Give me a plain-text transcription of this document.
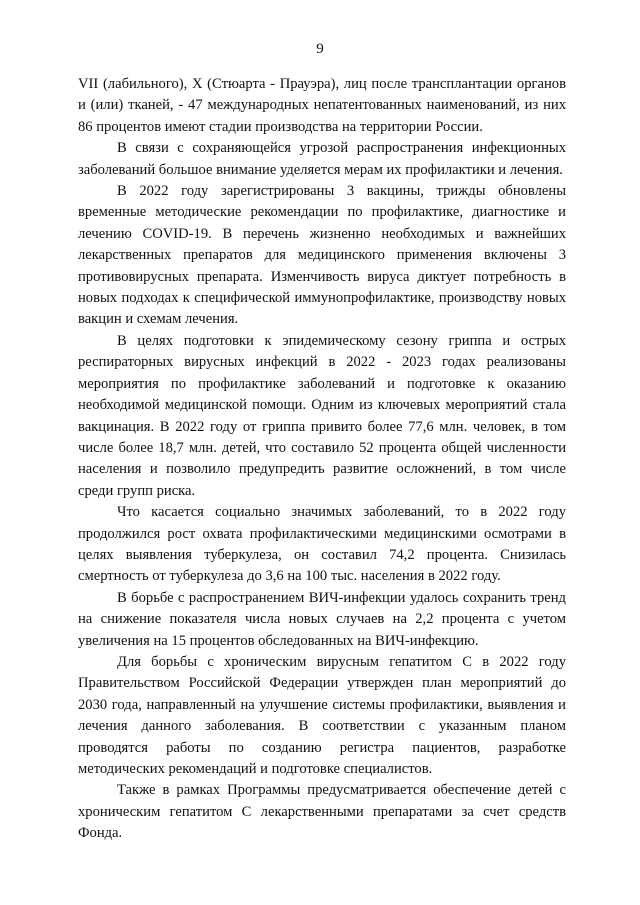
9

VII (лабильного), X (Стюарта - Прауэра), лиц после трансплантации органов и (или) тканей, - 47 международных непатентованных наименований, из них 86 процентов имеют стадии производства на территории России.

В связи с сохраняющейся угрозой распространения инфекционных заболеваний большое внимание уделяется мерам их профилактики и лечения.

В 2022 году зарегистрированы 3 вакцины, трижды обновлены временные методические рекомендации по профилактике, диагностике и лечению COVID-19. В перечень жизненно необходимых и важнейших лекарственных препаратов для медицинского применения включены 3 противовирусных препарата. Изменчивость вируса диктует потребность в новых подходах к специфической иммунопрофилактике, производству новых вакцин и схемам лечения.

В целях подготовки к эпидемическому сезону гриппа и острых респираторных вирусных инфекций в 2022 - 2023 годах реализованы мероприятия по профилактике заболеваний и подготовке к оказанию необходимой медицинской помощи. Одним из ключевых мероприятий стала вакцинация. В 2022 году от гриппа привито более 77,6 млн. человек, в том числе более 18,7 млн. детей, что составило 52 процента общей численности населения и позволило предупредить развитие осложнений, в том числе среди групп риска.

Что касается социально значимых заболеваний, то в 2022 году продолжился рост охвата профилактическими медицинскими осмотрами в целях выявления туберкулеза, он составил 74,2 процента. Снизилась смертность от туберкулеза до 3,6 на 100 тыс. населения в 2022 году.

В борьбе с распространением ВИЧ-инфекции удалось сохранить тренд на снижение показателя числа новых случаев на 2,2 процента с учетом увеличения на 15 процентов обследованных на ВИЧ-инфекцию.

Для борьбы с хроническим вирусным гепатитом С в 2022 году Правительством Российской Федерации утвержден план мероприятий до 2030 года, направленный на улучшение системы профилактики, выявления и лечения данного заболевания. В соответствии с указанным планом проводятся работы по созданию регистра пациентов, разработке методических рекомендаций и подготовке специалистов.

Также в рамках Программы предусматривается обеспечение детей с хроническим гепатитом С лекарственными препаратами за счет средств Фонда.
